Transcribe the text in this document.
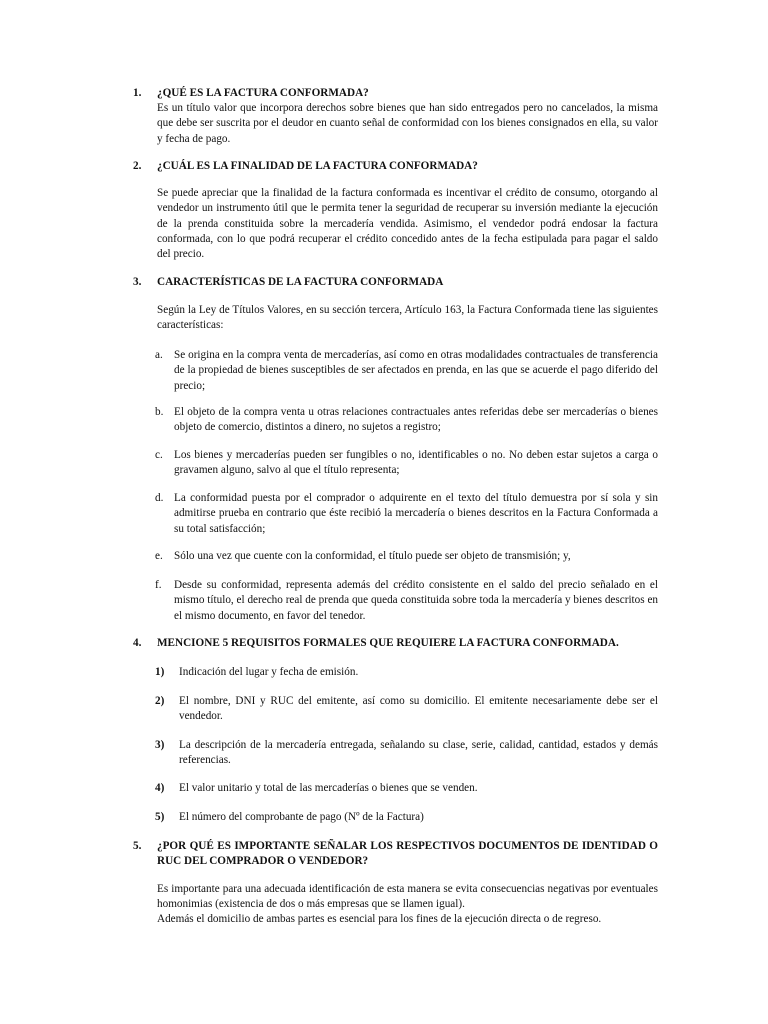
1. ¿QUÉ ES LA FACTURA CONFORMADA?
Es un título valor que incorpora derechos sobre bienes que han sido entregados pero no cancelados, la misma que debe ser suscrita por el deudor en cuanto señal de conformidad con los bienes consignados en ella, su valor y fecha de pago.
2. ¿CUÁL ES LA FINALIDAD DE LA FACTURA CONFORMADA?
Se puede apreciar que la finalidad de la factura conformada es incentivar el crédito de consumo, otorgando al vendedor un instrumento útil que le permita tener la seguridad de recuperar su inversión mediante la ejecución de la prenda constituida sobre la mercadería vendida. Asimismo, el vendedor podrá endosar la factura conformada, con lo que podrá recuperar el crédito concedido antes de la fecha estipulada para pagar el saldo del precio.
3. CARACTERÍSTICAS DE LA FACTURA CONFORMADA
Según la Ley de Títulos Valores, en su sección tercera, Artículo 163, la Factura Conformada tiene las siguientes características:
a. Se origina en la compra venta de mercaderías, así como en otras modalidades contractuales de transferencia de la propiedad de bienes susceptibles de ser afectados en prenda, en las que se acuerde el pago diferido del precio;
b. El objeto de la compra venta u otras relaciones contractuales antes referidas debe ser mercaderías o bienes objeto de comercio, distintos a dinero, no sujetos a registro;
c. Los bienes y mercaderías pueden ser fungibles o no, identificables o no. No deben estar sujetos a carga o gravamen alguno, salvo al que el título representa;
d. La conformidad puesta por el comprador o adquirente en el texto del título demuestra por sí sola y sin admitirse prueba en contrario que éste recibió la mercadería o bienes descritos en la Factura Conformada a su total satisfacción;
e. Sólo una vez que cuente con la conformidad, el título puede ser objeto de transmisión; y,
f. Desde su conformidad, representa además del crédito consistente en el saldo del precio señalado en el mismo título, el derecho real de prenda que queda constituida sobre toda la mercadería y bienes descritos en el mismo documento, en favor del tenedor.
4. MENCIONE 5 REQUISITOS FORMALES QUE REQUIERE LA FACTURA CONFORMADA.
1) Indicación del lugar y fecha de emisión.
2) El nombre, DNI y RUC del emitente, así como su domicilio. El emitente necesariamente debe ser el vendedor.
3) La descripción de la mercadería entregada, señalando su clase, serie, calidad, cantidad, estados y demás referencias.
4) El valor unitario y total de las mercaderías o bienes que se venden.
5) El número del comprobante de pago (Nº de la Factura)
5. ¿POR QUÉ ES IMPORTANTE SEÑALAR LOS RESPECTIVOS DOCUMENTOS DE IDENTIDAD O RUC DEL COMPRADOR O VENDEDOR?
Es importante para una adecuada identificación de esta manera se evita consecuencias negativas por eventuales homonimias (existencia de dos o más empresas que se llamen igual).
Además el domicilio de ambas partes es esencial para los fines de la ejecución directa o de regreso.
